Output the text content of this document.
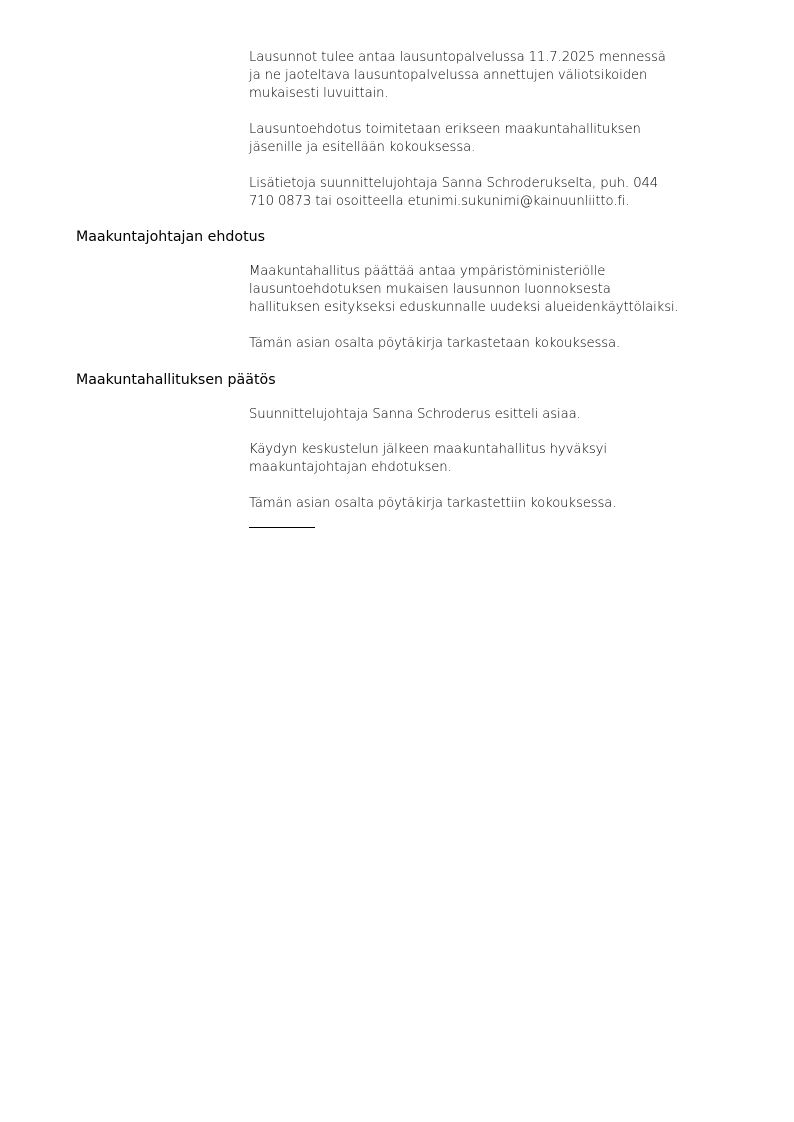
Lausunnot tulee antaa lausuntopalvelussa 11.7.2025 mennessä
ja ne jaoteltava lausuntopalvelussa annettujen väliotsikoiden
mukaisesti luvuittain.
Lausuntoehdotus toimitetaan erikseen maakuntahallituksen
jäsenille ja esitellään kokouksessa.
Lisätietoja suunnittelujohtaja Sanna Schroderukselta, puh. 044
710 0873 tai osoitteella etunimi.sukunimi@kainuunliitto.fi.
Maakuntajohtajan ehdotus
Maakuntahallitus päättää antaa ympäristöministeriölle
lausuntoehdotuksen mukaisen lausunnon luonnoksesta
hallituksen esitykseksi eduskunnalle uudeksi alueidenkäyttölaiksi.
Tämän asian osalta pöytäkirja tarkastetaan kokouksessa.
Maakuntahallituksen päätös
Suunnittelujohtaja Sanna Schroderus esitteli asiaa.
Käydyn keskustelun jälkeen maakuntahallitus hyväksyi
maakuntajohtajan ehdotuksen.
Tämän asian osalta pöytäkirja tarkastettiin kokouksessa.
